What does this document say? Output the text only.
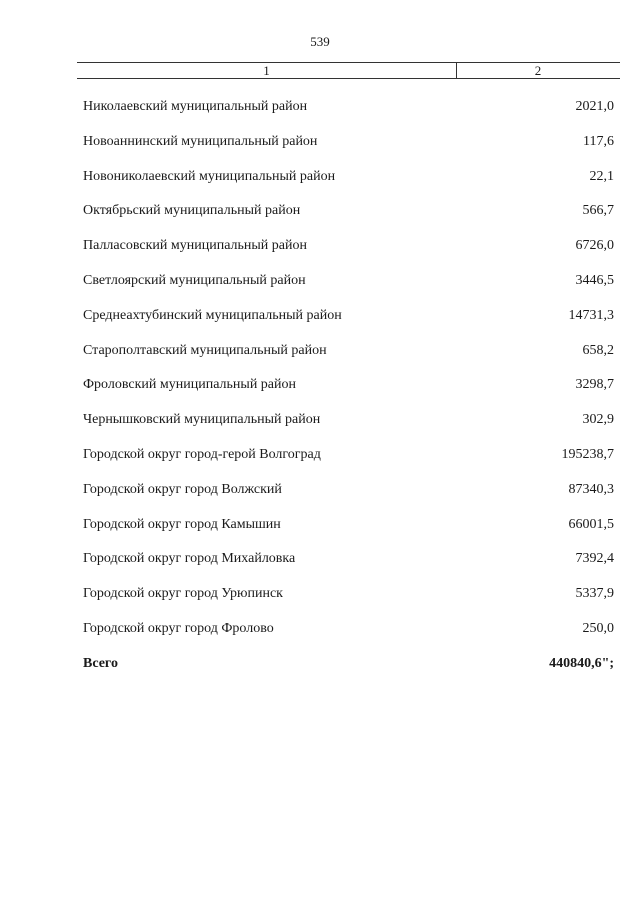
539
1	2
Николаевский муниципальный район	2021,0
Новоаннинский муниципальный район	117,6
Новониколаевский муниципальный район	22,1
Октябрьский муниципальный район	566,7
Палласовский муниципальный район	6726,0
Светлоярский муниципальный район	3446,5
Среднеахтубинский муниципальный район	14731,3
Старополтавский муниципальный район	658,2
Фроловский муниципальный район	3298,7
Чернышковский муниципальный район	302,9
Городской округ город-герой Волгоград	195238,7
Городской округ город Волжский	87340,3
Городской округ город Камышин	66001,5
Городской округ город Михайловка	7392,4
Городской округ город Урюпинск	5337,9
Городской округ город Фролово	250,0
Всего	440840,6";
